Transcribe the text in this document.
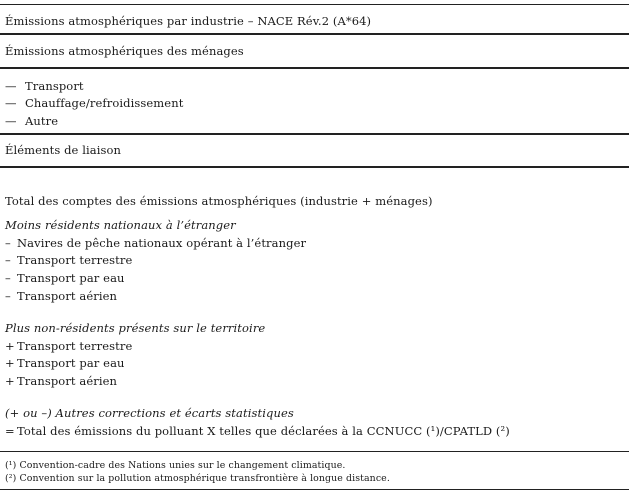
Émissions atmosphériques par industrie – NACE Rév.2 (A*64)
Émissions atmosphériques des ménages
— Transport
— Chauffage/refroidissement
— Autre
Éléments de liaison
Total des comptes des émissions atmosphériques (industrie + ménages)
Moins résidents nationaux à l’étranger
– Navires de pêche nationaux opérant à l’étranger
– Transport terrestre
– Transport par eau
– Transport aérien
Plus non-résidents présents sur le territoire
+ Transport terrestre
+ Transport par eau
+ Transport aérien
(+ ou –) Autres corrections et écarts statistiques
= Total des émissions du polluant X telles que déclarées à la CCNUCC (¹)/CPATLD (²)
(¹) Convention-cadre des Nations unies sur le changement climatique.
(²) Convention sur la pollution atmosphérique transfrontière à longue distance.
